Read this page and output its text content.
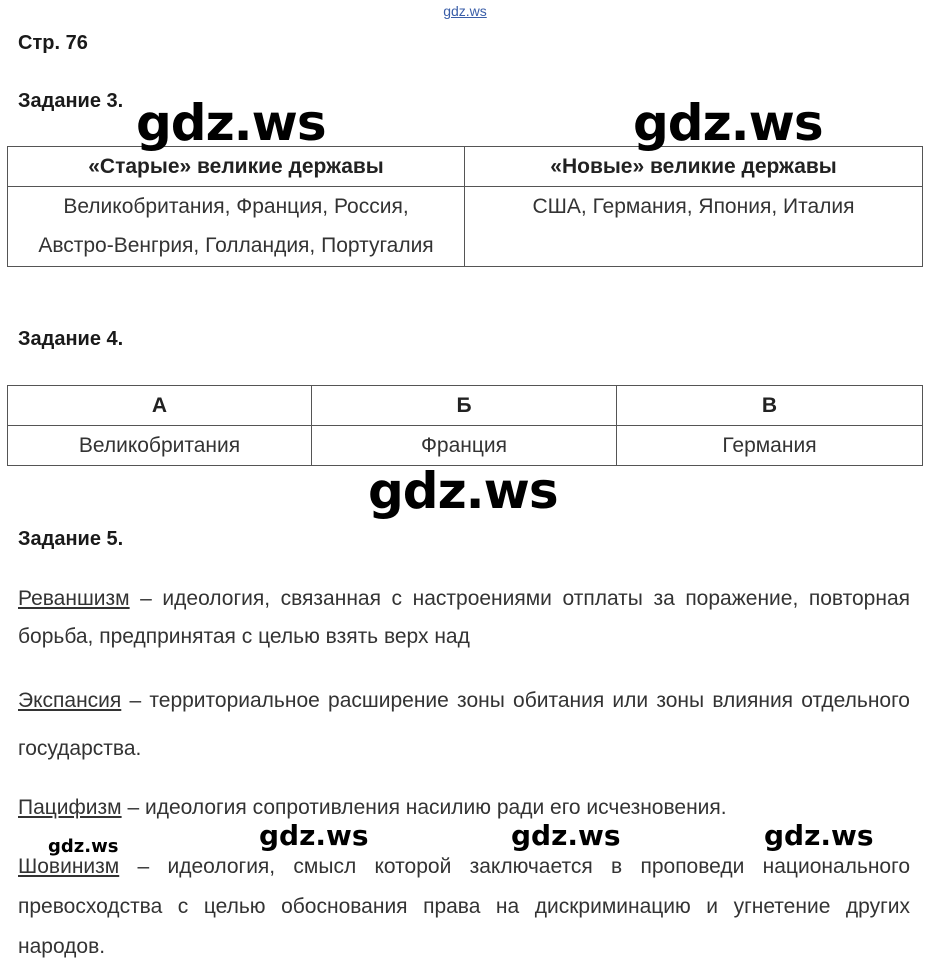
gdz.ws
Стр. 76
Задание 3.
«Старые» великие державы	«Новые» великие державы

Великобритания, Франция, Россия,
Австро-Венгрия, Голландия, Португалия	США, Германия, Япония, Италия
Задание 4.
А	Б	В
Великобритания	Франция	Германия
Задание 5.
Реваншизм – идеология, связанная с настроениями отплаты за поражение, повторная борьба, предпринятая с целью взять верх над
Экспансия – территориальное расширение зоны обитания или зоны влияния отдельного государства.
Пацифизм – идеология сопротивления насилию ради его исчезновения.
Шовинизм – идеология, смысл которой заключается в проповеди национального превосходства с целью обоснования права на дискриминацию и угнетение других народов.
gdz.ws	gdz.ws
gdz.ws
gdz.ws	gdz.ws	gdz.ws	gdz.ws
